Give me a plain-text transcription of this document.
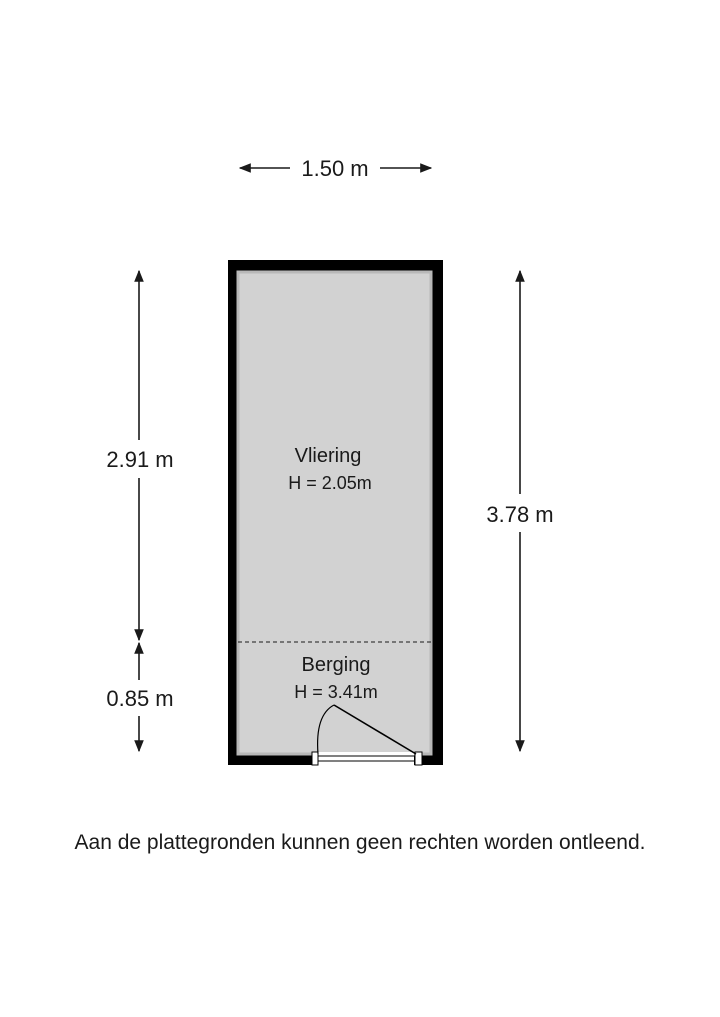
1.50 m
2.91 m
0.85 m
3.78 m
Vliering
H = 2.05m
Berging
H = 3.41m
Aan de plattegronden kunnen geen rechten worden ontleend.
